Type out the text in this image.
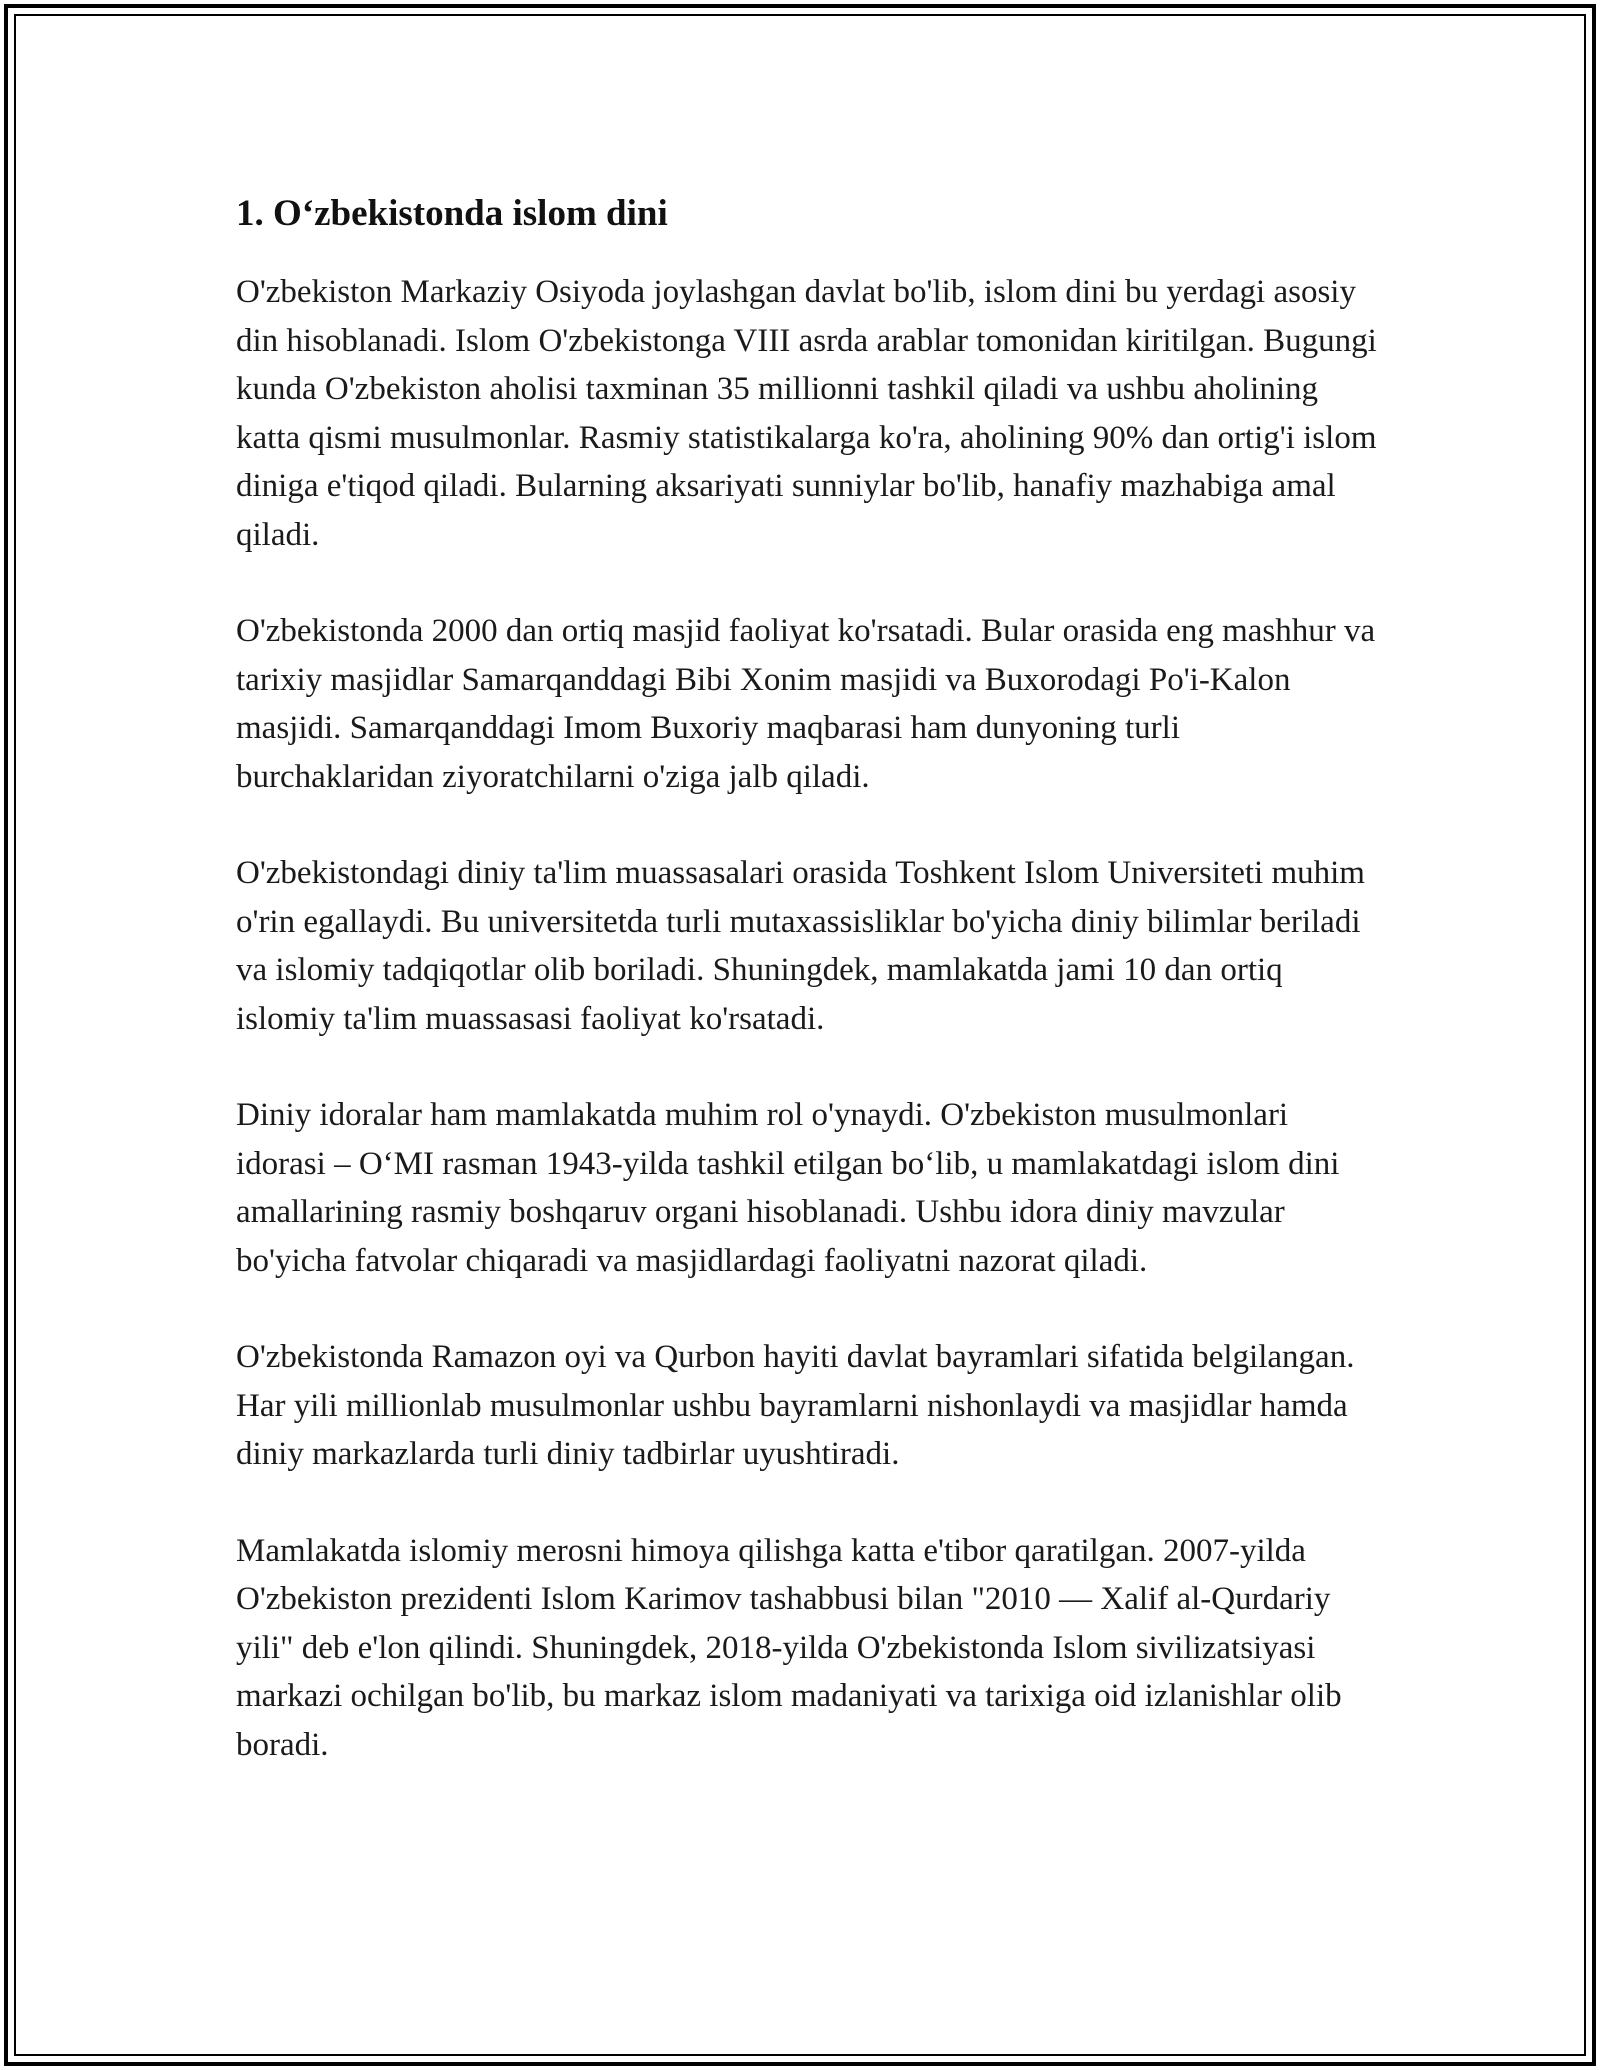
1. O‘zbekistonda islom dini

O'zbekiston Markaziy Osiyoda joylashgan davlat bo'lib, islom dini bu yerdagi asosiy din hisoblanadi. Islom O'zbekistonga VIII asrda arablar tomonidan kiritilgan. Bugungi kunda O'zbekiston aholisi taxminan 35 millionni tashkil qiladi va ushbu aholining katta qismi musulmonlar. Rasmiy statistikalarga ko'ra, aholining 90% dan ortig'i islom diniga e'tiqod qiladi. Bularning aksariyati sunniylar bo'lib, hanafiy mazhabiga amal qiladi.

O'zbekistonda 2000 dan ortiq masjid faoliyat ko'rsatadi. Bular orasida eng mashhur va tarixiy masjidlar Samarqanddagi Bibi Xonim masjidi va Buxorodagi Po'i-Kalon masjidi. Samarqanddagi Imom Buxoriy maqbarasi ham dunyoning turli burchaklaridan ziyoratchilarni o'ziga jalb qiladi.

O'zbekistondagi diniy ta'lim muassasalari orasida Toshkent Islom Universiteti muhim o'rin egallaydi. Bu universitetda turli mutaxassisliklar bo'yicha diniy bilimlar beriladi va islomiy tadqiqotlar olib boriladi. Shuningdek, mamlakatda jami 10 dan ortiq islomiy ta'lim muassasasi faoliyat ko'rsatadi.

Diniy idoralar ham mamlakatda muhim rol o'ynaydi. O'zbekiston musulmonlari idorasi – O‘MI rasman 1943-yilda tashkil etilgan bo‘lib, u mamlakatdagi islom dini amallarining rasmiy boshqaruv organi hisoblanadi. Ushbu idora diniy mavzular bo'yicha fatvolar chiqaradi va masjidlardagi faoliyatni nazorat qiladi.

O'zbekistonda Ramazon oyi va Qurbon hayiti davlat bayramlari sifatida belgilangan. Har yili millionlab musulmonlar ushbu bayramlarni nishonlaydi va masjidlar hamda diniy markazlarda turli diniy tadbirlar uyushtiradi.

Mamlakatda islomiy merosni himoya qilishga katta e'tibor qaratilgan. 2007-yilda O'zbekiston prezidenti Islom Karimov tashabbusi bilan "2010 — Xalif al-Qurdariy yili" deb e'lon qilindi. Shuningdek, 2018-yilda O'zbekistonda Islom sivilizatsiyasi markazi ochilgan bo'lib, bu markaz islom madaniyati va tarixiga oid izlanishlar olib boradi.
